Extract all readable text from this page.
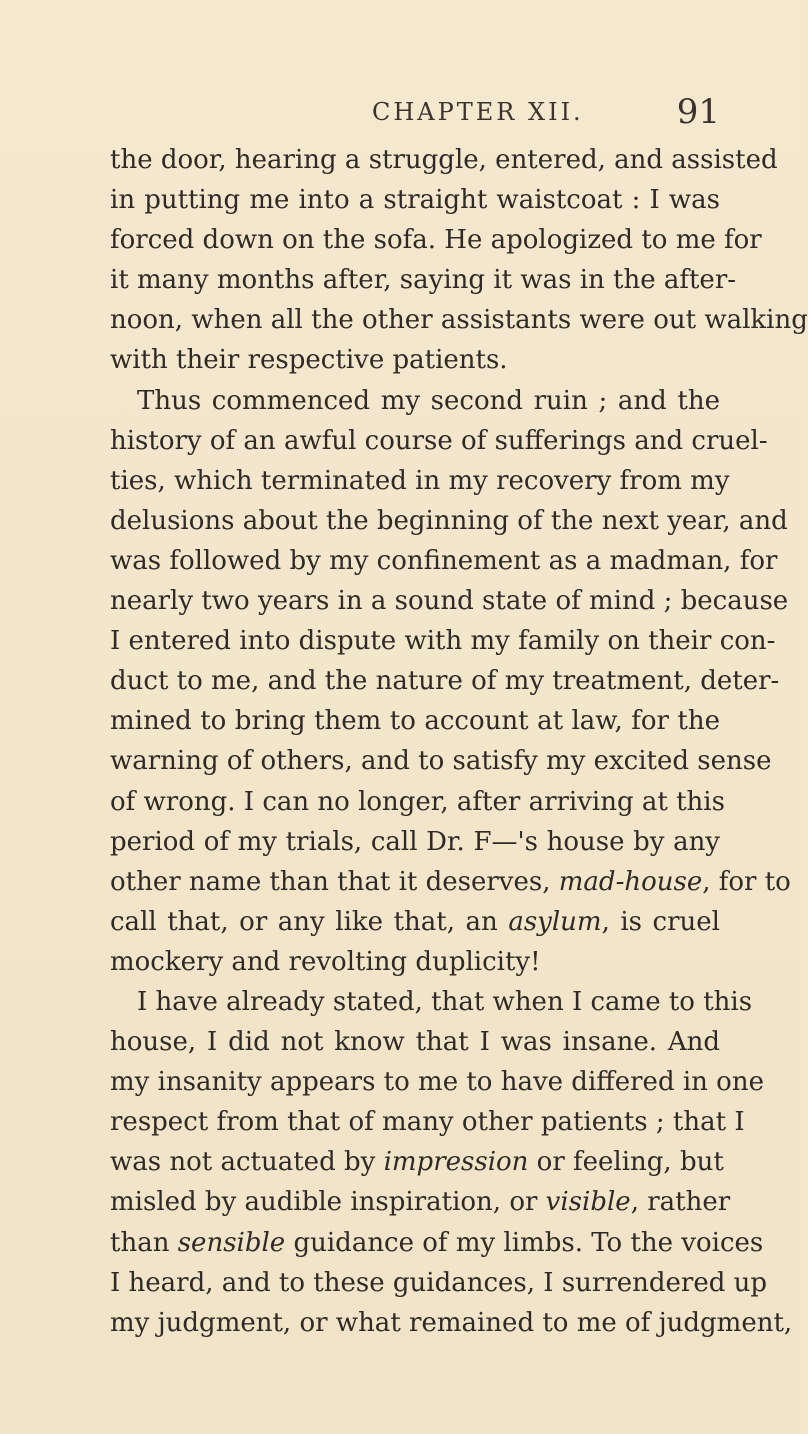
CHAPTER XII.	91
the door, hearing a struggle, entered, and assisted
in putting me into a straight waistcoat : I was
forced down on the sofa. He apologized to me for
it many months after, saying it was in the after-
noon, when all the other assistants were out walking
with their respective patients.
Thus commenced my second ruin ; and the
history of an awful course of sufferings and cruel-
ties, which terminated in my recovery from my
delusions about the beginning of the next year, and
was followed by my confinement as a madman, for
nearly two years in a sound state of mind ; because
I entered into dispute with my family on their con-
duct to me, and the nature of my treatment, deter-
mined to bring them to account at law, for the
warning of others, and to satisfy my excited sense
of wrong. I can no longer, after arriving at this
period of my trials, call Dr. F—'s house by any
other name than that it deserves, mad-house, for to
call that, or any like that, an asylum, is cruel
mockery and revolting duplicity!
I have already stated, that when I came to this
house, I did not know that I was insane. And
my insanity appears to me to have differed in one
respect from that of many other patients ; that I
was not actuated by impression or feeling, but
misled by audible inspiration, or visible, rather
than sensible guidance of my limbs. To the voices
I heard, and to these guidances, I surrendered up
my judgment, or what remained to me of judgment,
